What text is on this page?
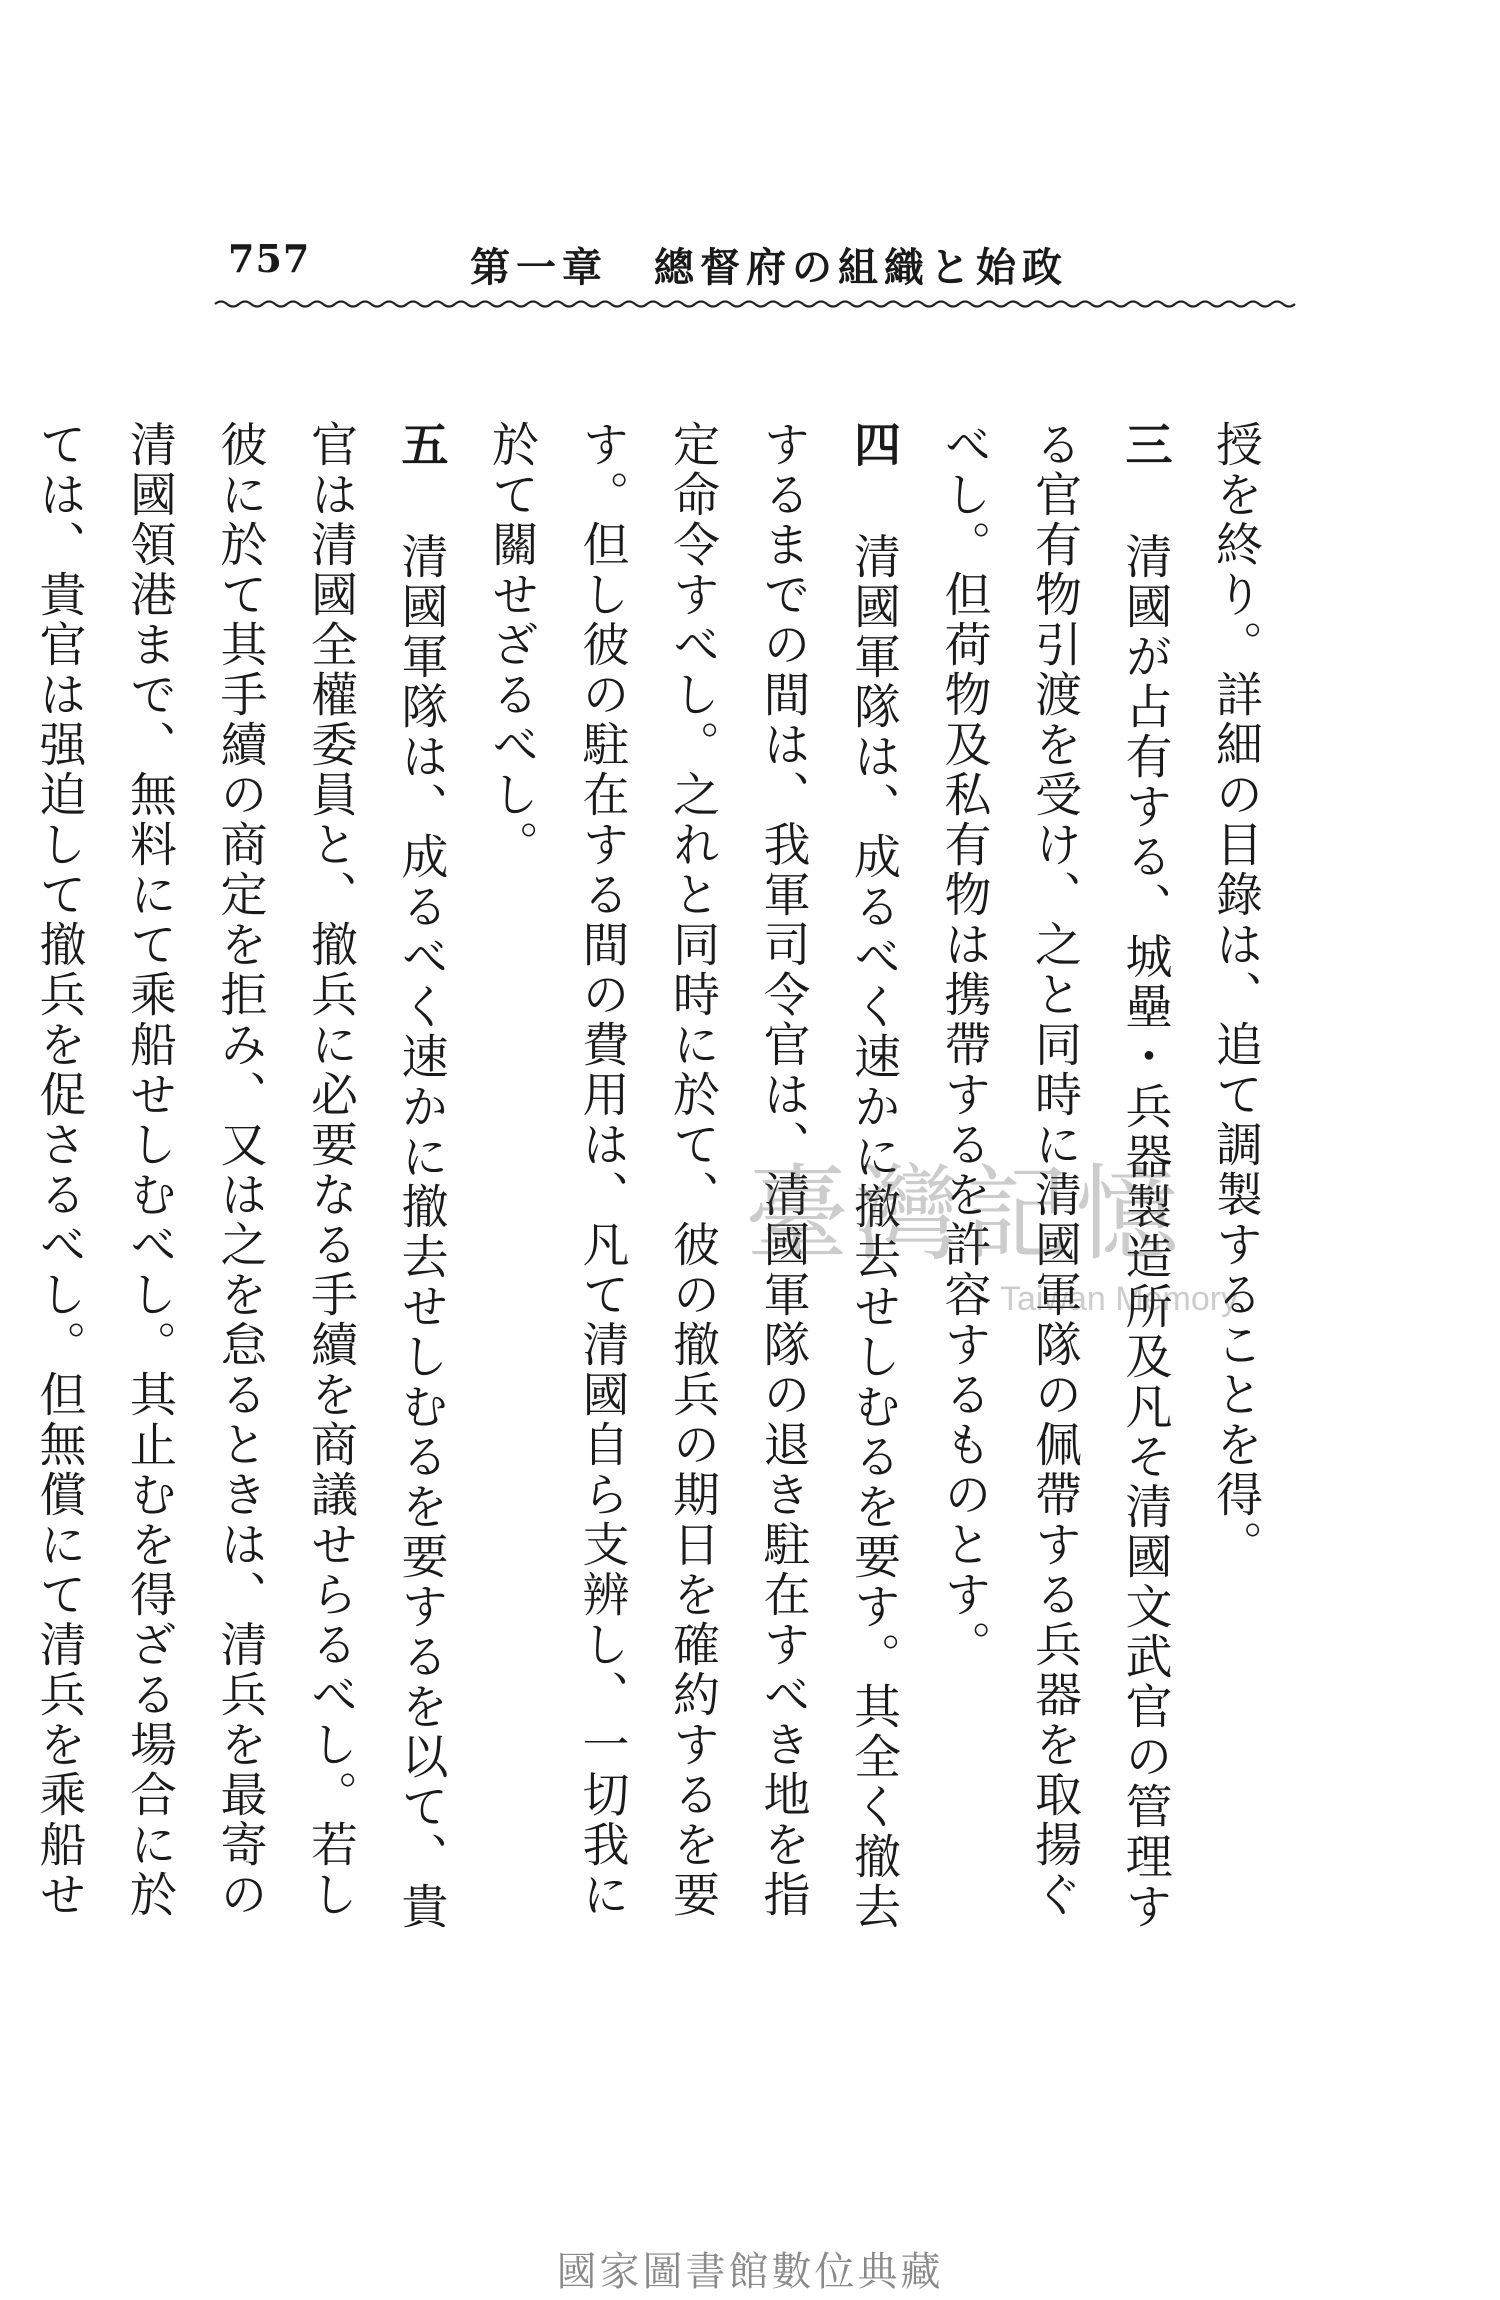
757	第一章　總督府の組織と始政

授を終り。詳細の目錄は、追て調製することを得。

三　清國が占有する、城壘・兵器製造所及凡そ清國文武官の管理する官有物引渡を受け、之と同時に清國軍隊の佩帶する兵器を取揚ぐべし。但荷物及私有物は携帶するを許容するものとす。

四　清國軍隊は、成るべく速かに撤去せしむるを要す。其全く撤去するまでの間は、我軍司令官は、清國軍隊の退き駐在すべき地を指定命令すべし。之れと同時に於て、彼の撤兵の期日を確約するを要す。但し彼の駐在する間の費用は、凡て清國自ら支辨し、一切我に於て關せざるべし。

五　清國軍隊は、成るべく速かに撤去せしむるを要するを以て、貴官は清國全權委員と、撤兵に必要なる手續を商議せらるべし。若し彼に於て其手續の商定を拒み、又は之を怠るときは、清兵を最寄の清國領港まで、無料にて乘船せしむべし。其止むを得ざる場合に於ては、貴官は强迫して撤兵を促さるべし。但無償にて清兵を乘船せ

臺灣記憶
Taiwan Memory
國家圖書館數位典藏
